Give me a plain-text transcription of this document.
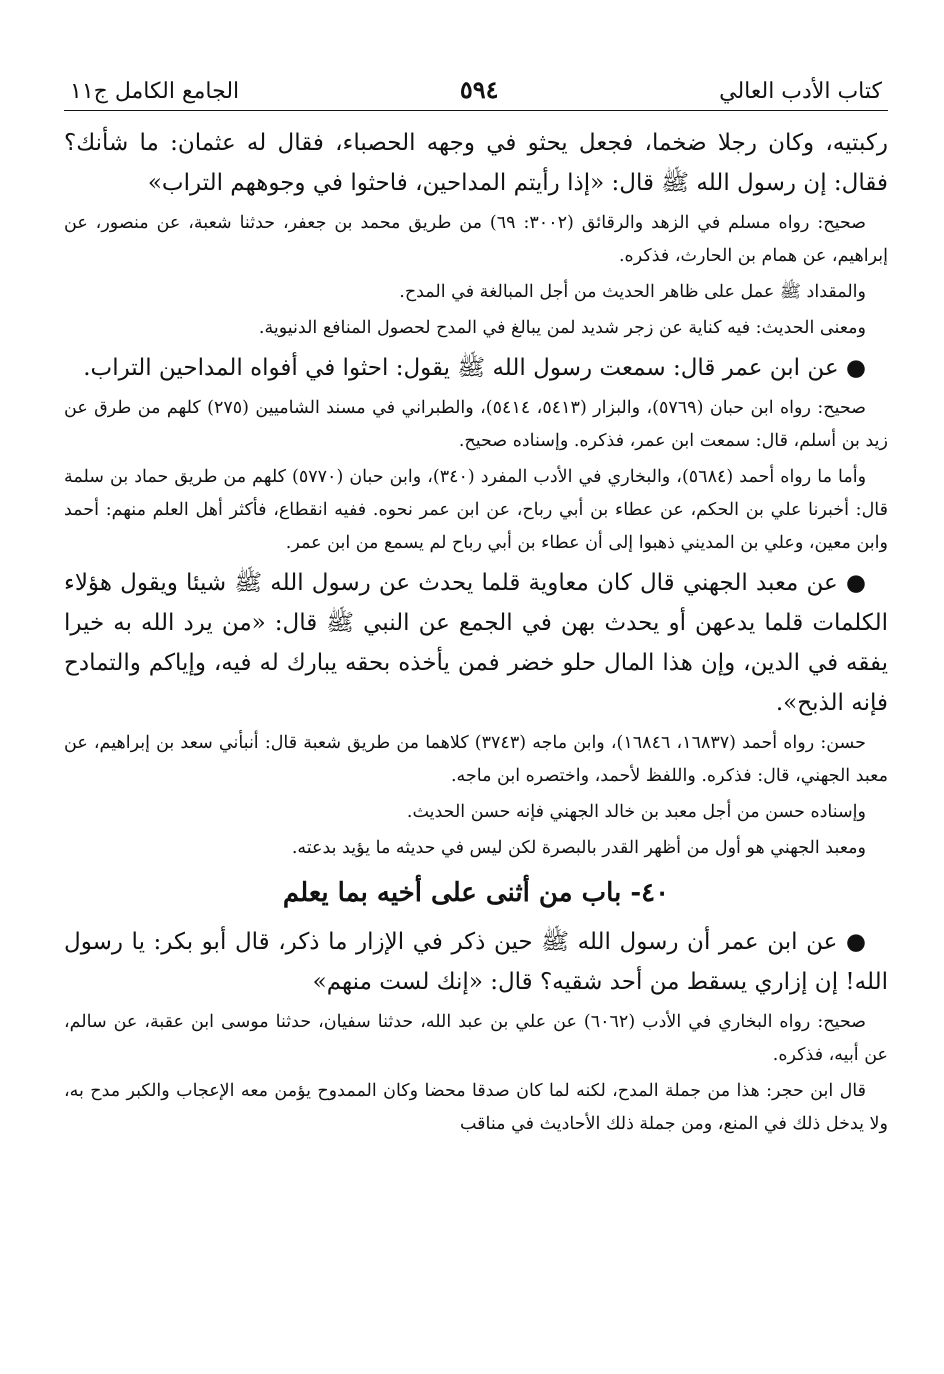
كتاب الأدب العالي
٥٩٤
الجامع الكامل ج١١

ركبتيه، وكان رجلا ضخما، فجعل يحثو في وجهه الحصباء، فقال له عثمان: ما شأنك؟ فقال: إن رسول الله ﷺ قال: «إذا رأيتم المداحين، فاحثوا في وجوههم التراب»

صحيح: رواه مسلم في الزهد والرقائق (٣٠٠٢: ٦٩) من طريق محمد بن جعفر، حدثنا شعبة، عن منصور، عن إبراهيم، عن همام بن الحارث، فذكره.

والمقداد ﷺ عمل على ظاهر الحديث من أجل المبالغة في المدح.

ومعنى الحديث: فيه كناية عن زجر شديد لمن يبالغ في المدح لحصول المنافع الدنيوية.

● عن ابن عمر قال: سمعت رسول الله ﷺ يقول: احثوا في أفواه المداحين التراب.

صحيح: رواه ابن حبان (٥٧٦٩)، والبزار (٥٤١٣، ٥٤١٤)، والطبراني في مسند الشاميين (٢٧٥) كلهم من طرق عن زيد بن أسلم، قال: سمعت ابن عمر، فذكره. وإسناده صحيح.

وأما ما رواه أحمد (٥٦٨٤)، والبخاري في الأدب المفرد (٣٤٠)، وابن حبان (٥٧٧٠) كلهم من طريق حماد بن سلمة قال: أخبرنا علي بن الحكم، عن عطاء بن أبي رباح، عن ابن عمر نحوه. ففيه انقطاع، فأكثر أهل العلم منهم: أحمد وابن معين، وعلي بن المديني ذهبوا إلى أن عطاء بن أبي رباح لم يسمع من ابن عمر.

● عن معبد الجهني قال كان معاوية قلما يحدث عن رسول الله ﷺ شيئا ويقول هؤلاء الكلمات قلما يدعهن أو يحدث بهن في الجمع عن النبي ﷺ قال: «من يرد الله به خيرا يفقه في الدين، وإن هذا المال حلو خضر فمن يأخذه بحقه يبارك له فيه، وإياكم والتمادح فإنه الذبح».

حسن: رواه أحمد (١٦٨٣٧، ١٦٨٤٦)، وابن ماجه (٣٧٤٣) كلاهما من طريق شعبة قال: أنبأني سعد بن إبراهيم، عن معبد الجهني، قال: فذكره. واللفظ لأحمد، واختصره ابن ماجه.

وإسناده حسن من أجل معبد بن خالد الجهني فإنه حسن الحديث.

ومعبد الجهني هو أول من أظهر القدر بالبصرة لكن ليس في حديثه ما يؤيد بدعته.

٤٠- باب من أثنى على أخيه بما يعلم

● عن ابن عمر أن رسول الله ﷺ حين ذكر في الإزار ما ذكر، قال أبو بكر: يا رسول الله! إن إزاري يسقط من أحد شقيه؟ قال: «إنك لست منهم»

صحيح: رواه البخاري في الأدب (٦٠٦٢) عن علي بن عبد الله، حدثنا سفيان، حدثنا موسى ابن عقبة، عن سالم، عن أبيه، فذكره.

قال ابن حجر: هذا من جملة المدح، لكنه لما كان صدقا محضا وكان الممدوح يؤمن معه الإعجاب والكبر مدح به، ولا يدخل ذلك في المنع، ومن جملة ذلك الأحاديث في مناقب
